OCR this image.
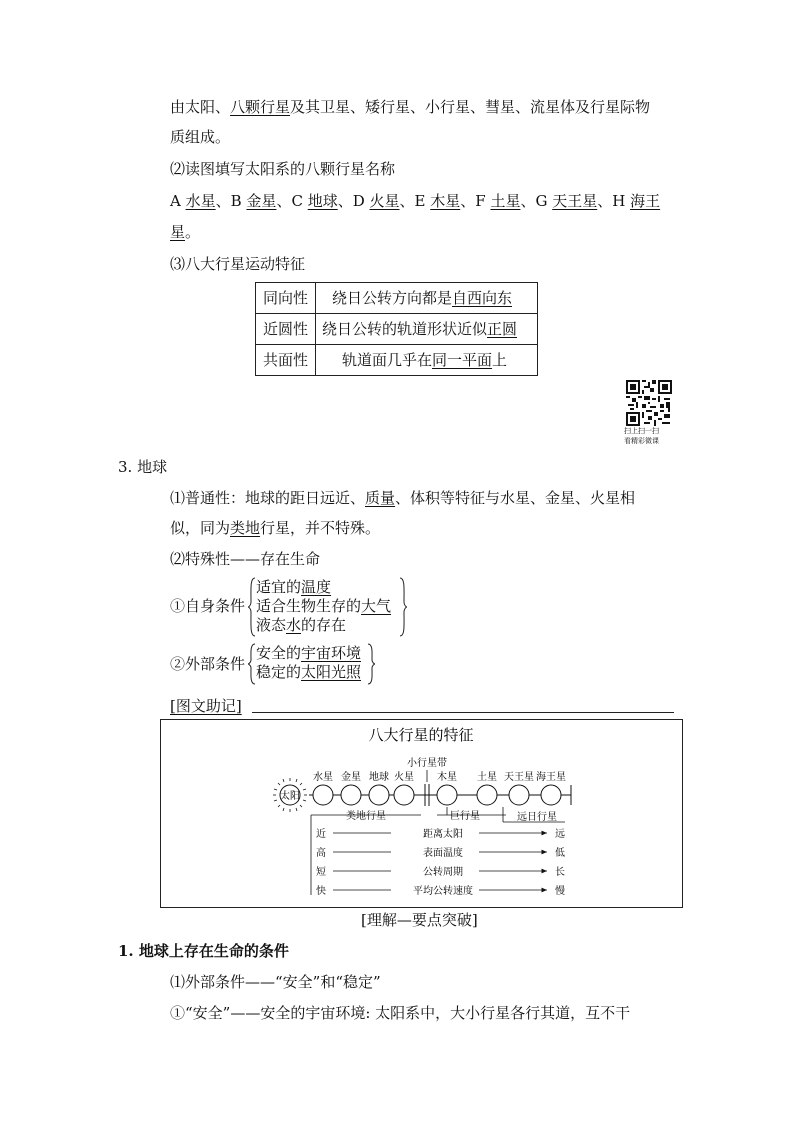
由太阳、八颗行星及其卫星、矮行星、小行星、彗星、流星体及行星际物
质组成。
⑵读图填写太阳系的八颗行星名称
A 水星、B 金星、C 地球、D 火星、E 木星、F 土星、G 天王星、H 海王
星。
⑶八大行星运动特征
同向性	绕日公转方向都是自西向东
近圆性	绕日公转的轨道形状近似正圆
共面性	轨道面几乎在同一平面上
扫上扫一扫
看精彩微课
3. 地球
⑴普通性：地球的距日远近、质量、体积等特征与水星、金星、火星相
似，同为类地行星，并不特殊。
⑵特殊性——存在生命
①自身条件
适宜的温度
适合生物生存的大气
液态水的存在
②外部条件
安全的宇宙环境
稳定的太阳光照
[图文助记]
八大行星的特征
太阳
小行星带
水星 金星 地球 火星 木星 土星 天王星 海王星
类地行星	巨行星	远日行星
近	距离太阳	远
高	表面温度	低
短	公转周期	长
快	平均公转速度	慢
[理解—要点突破]
1. 地球上存在生命的条件
⑴外部条件——“安全”和“稳定”
①“安全”——安全的宇宙环境: 太阳系中，大小行星各行其道，互不干
